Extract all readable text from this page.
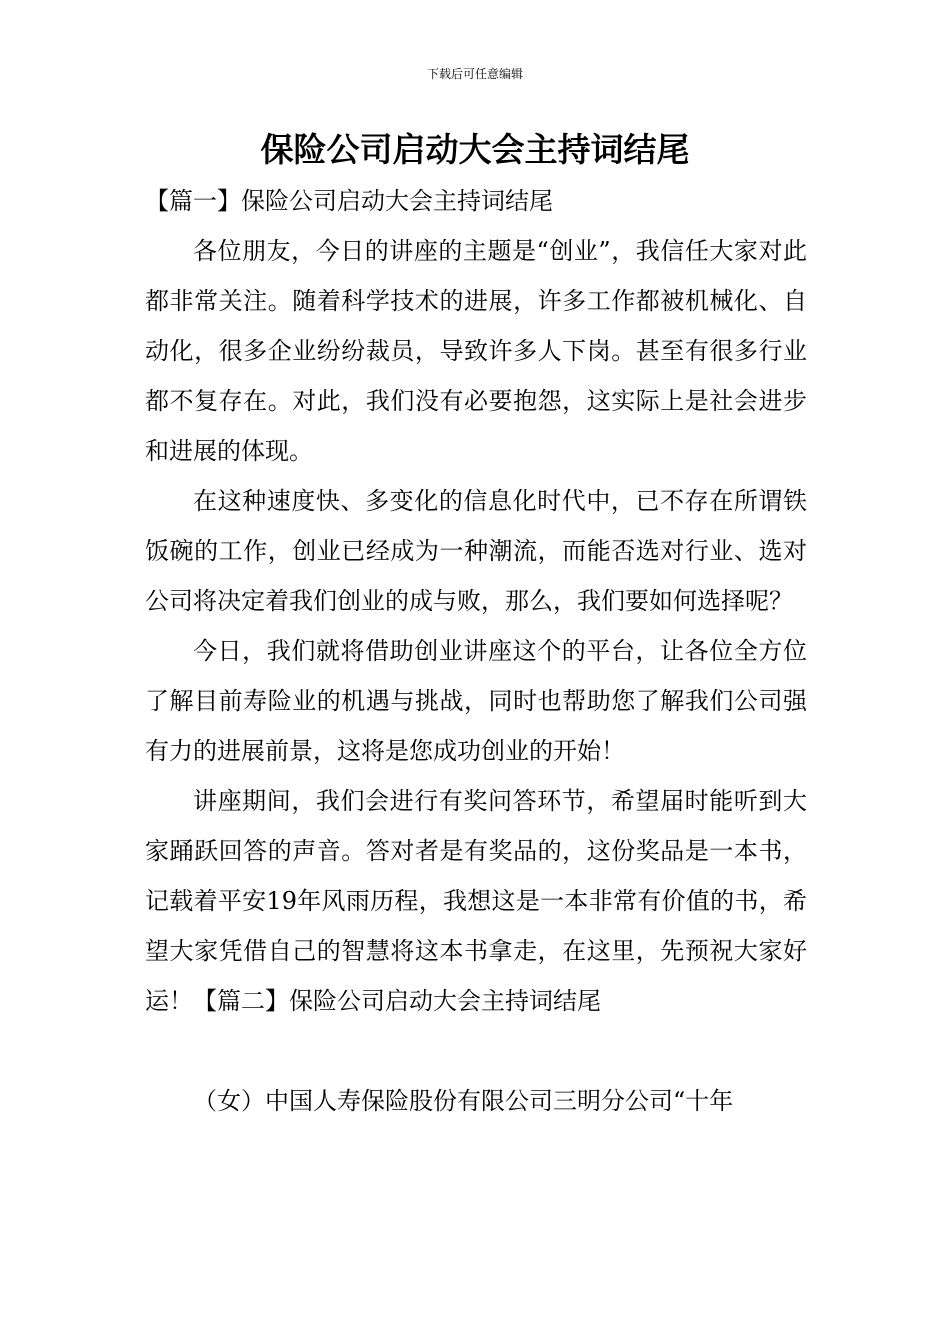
下载后可任意编辑
保险公司启动大会主持词结尾

【篇一】保险公司启动大会主持词结尾

各位朋友，今日的讲座的主题是“创业”，我信任大家对此都非常关注。随着科学技术的进展，许多工作都被机械化、自动化，很多企业纷纷裁员，导致许多人下岗。甚至有很多行业都不复存在。对此，我们没有必要抱怨，这实际上是社会进步和进展的体现。

在这种速度快、多变化的信息化时代中，已不存在所谓铁饭碗的工作，创业已经成为一种潮流，而能否选对行业、选对公司将决定着我们创业的成与败，那么，我们要如何选择呢？

今日，我们就将借助创业讲座这个的平台，让各位全方位了解目前寿险业的机遇与挑战，同时也帮助您了解我们公司强有力的进展前景，这将是您成功创业的开始！

讲座期间，我们会进行有奖问答环节，希望届时能听到大家踊跃回答的声音。答对者是有奖品的，这份奖品是一本书，记载着平安19年风雨历程，我想这是一本非常有价值的书，希望大家凭借自己的智慧将这本书拿走，在这里，先预祝大家好运！【篇二】保险公司启动大会主持词结尾

（女）中国人寿保险股份有限公司三明分公司“十年
